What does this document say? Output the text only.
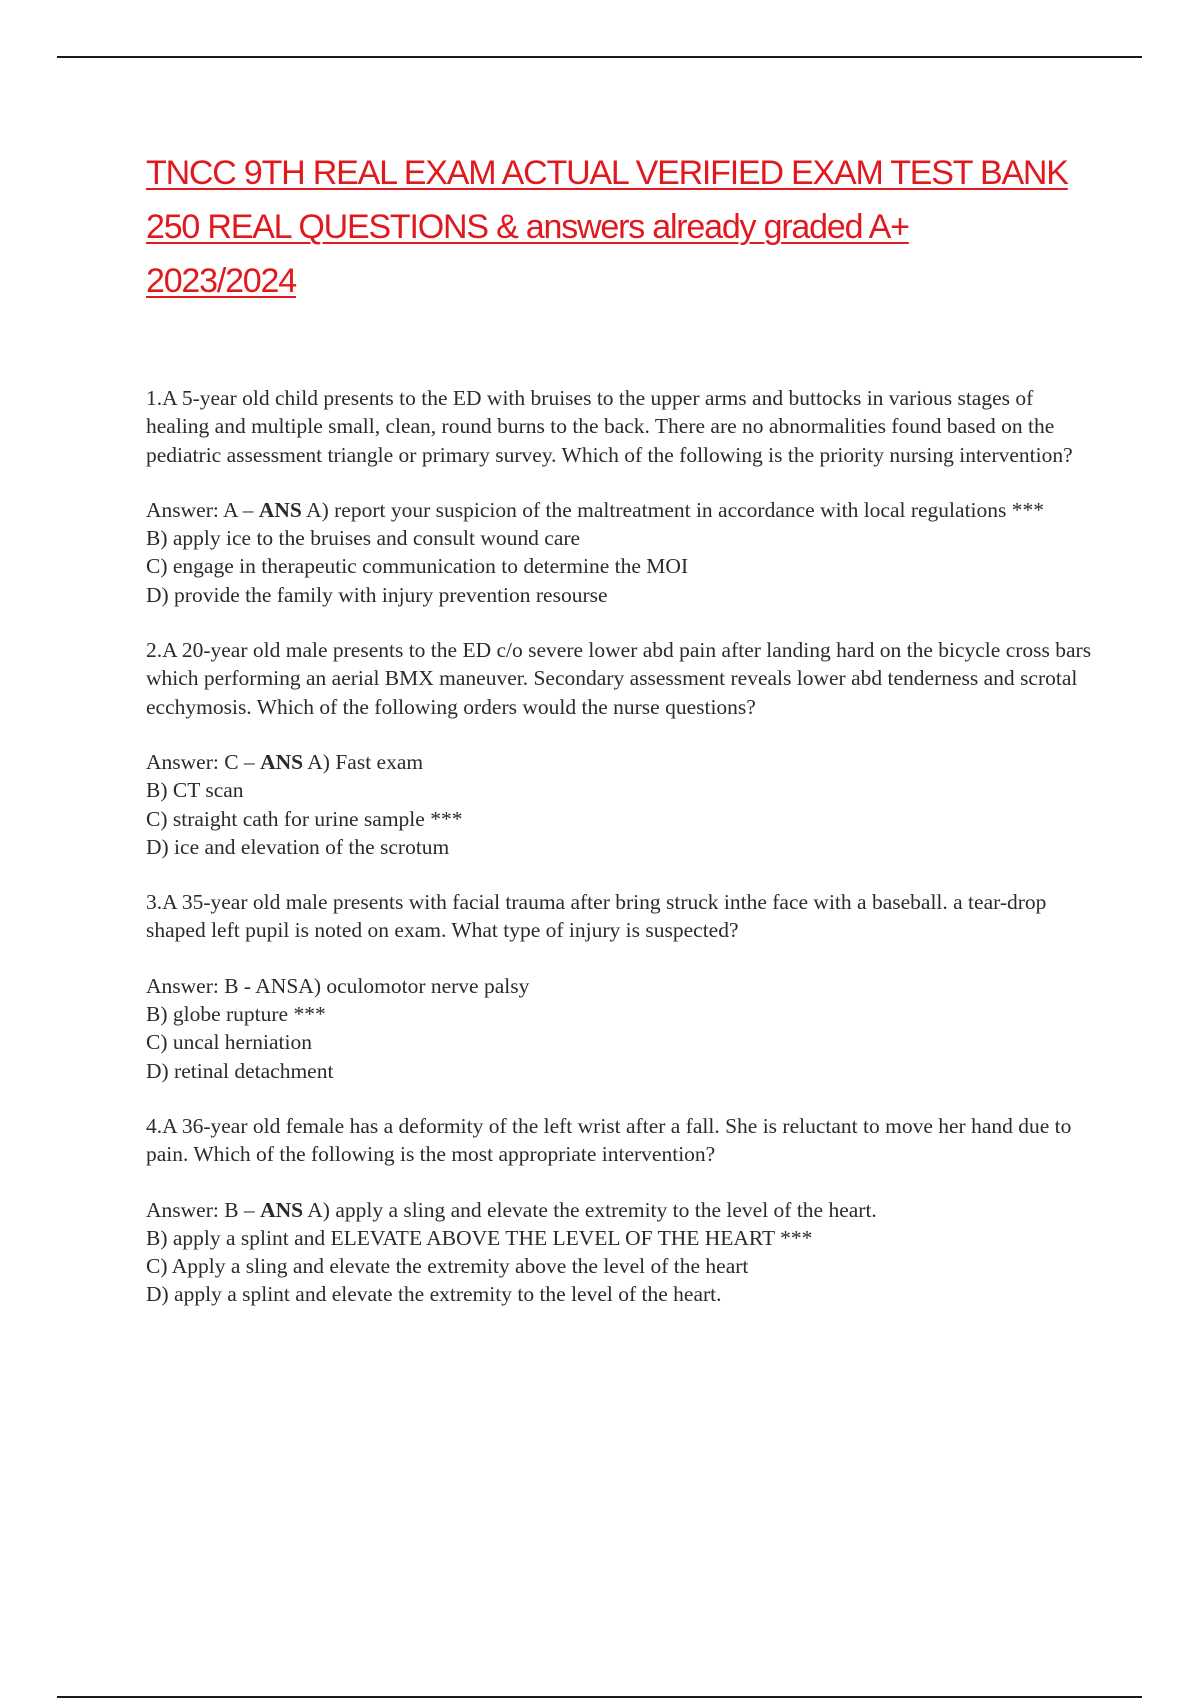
TNCC 9TH REAL EXAM ACTUAL VERIFIED EXAM TEST BANK
250 REAL QUESTIONS & answers already graded A+
2023/2024

1.A 5-year old child presents to the ED with bruises to the upper arms and buttocks in various stages of healing and multiple small, clean, round burns to the back. There are no abnormalities found based on the pediatric assessment triangle or primary survey. Which of the following is the priority nursing intervention?

Answer: A – ANS A) report your suspicion of the maltreatment in accordance with local regulations ***
B) apply ice to the bruises and consult wound care
C) engage in therapeutic communication to determine the MOI
D) provide the family with injury prevention resourse

2.A 20-year old male presents to the ED c/o severe lower abd pain after landing hard on the bicycle cross bars which performing an aerial BMX maneuver. Secondary assessment reveals lower abd tenderness and scrotal ecchymosis. Which of the following orders would the nurse questions?

Answer: C – ANS A) Fast exam
B) CT scan
C) straight cath for urine sample ***
D) ice and elevation of the scrotum

3.A 35-year old male presents with facial trauma after bring struck inthe face with a baseball. a tear-drop shaped left pupil is noted on exam. What type of injury is suspected?

Answer: B - ANSA) oculomotor nerve palsy
B) globe rupture ***
C) uncal herniation
D) retinal detachment

4.A 36-year old female has a deformity of the left wrist after a fall. She is reluctant to move her hand due to pain. Which of the following is the most appropriate intervention?

Answer: B – ANS A) apply a sling and elevate the extremity to the level of the heart.
B) apply a splint and ELEVATE ABOVE THE LEVEL OF THE HEART ***
C) Apply a sling and elevate the extremity above the level of the heart
D) apply a splint and elevate the extremity to the level of the heart.
